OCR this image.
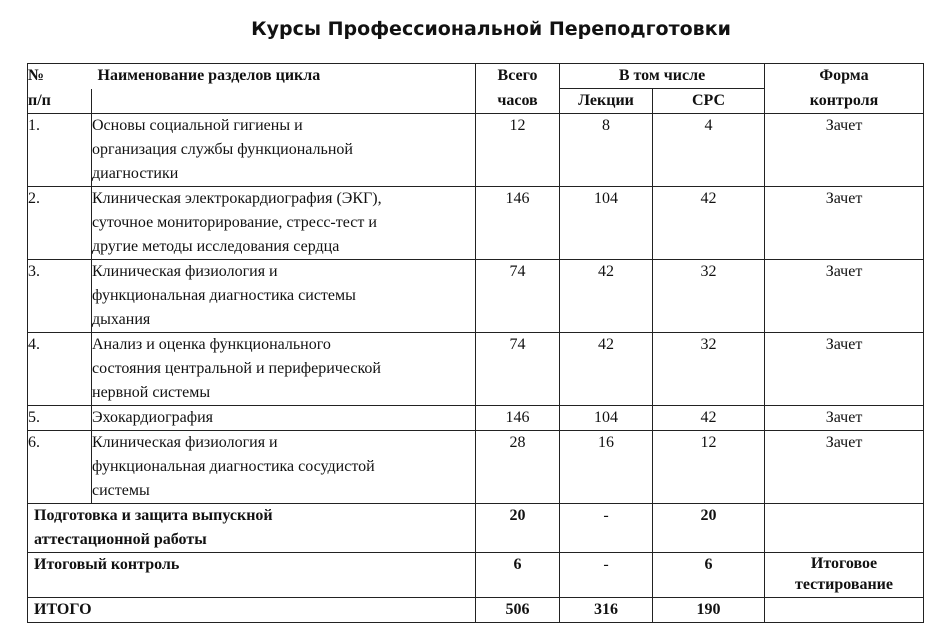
Курсы Профессиональной Переподготовки
№	Наименование разделов цикла	Всего	В том числе		Форма
п/п		часов	Лекции	СРС	контроля
1.	Основы социальной гигиены и
организация службы функциональной
диагностики	12	8	4	Зачет
2.	Клиническая электрокардиография (ЭКГ),
суточное мониторирование, стресс-тест и
другие методы исследования сердца	146	104	42	Зачет
3.	Клиническая физиология и
функциональная диагностика системы
дыхания	74	42	32	Зачет
4.	Анализ и оценка функционального
состояния центральной и периферической
нервной системы	74	42	32	Зачет
5.	Эхокардиография	146	104	42	Зачет
6.	Клиническая физиология и
функциональная диагностика сосудистой
системы	28	16	12	Зачет

Подготовка и защита выпускной
аттестационной работы		20	-	20	
Итоговый контроль		6	-	6	Итоговое
тестирование

ИТОГО		506	316	190	
